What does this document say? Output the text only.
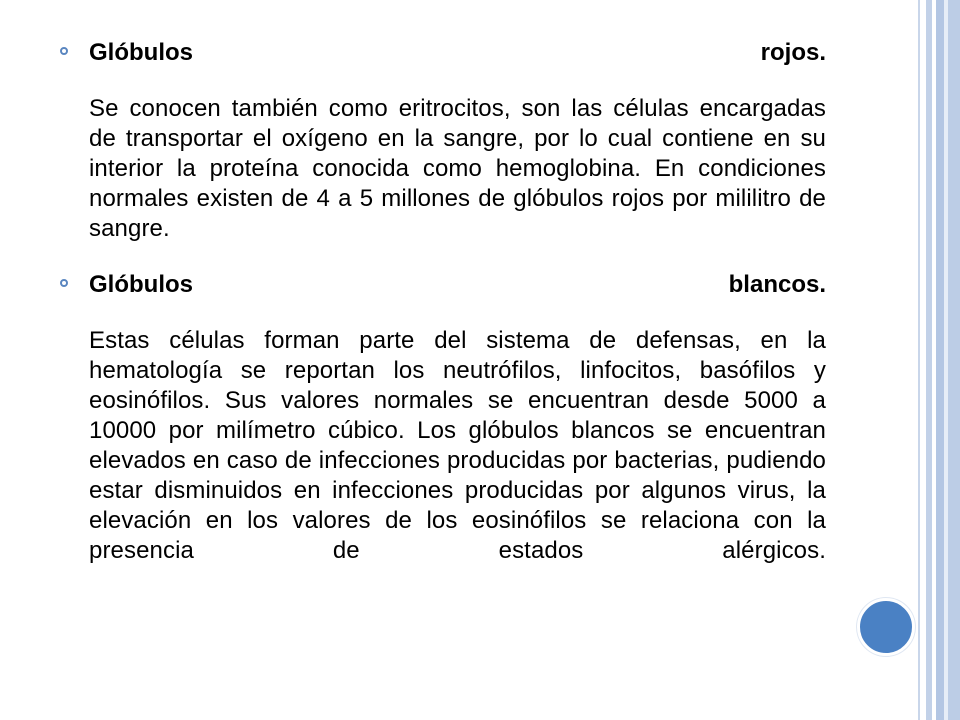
Glóbulos	rojos.

Se conocen también como eritrocitos, son las células encargadas de transportar el oxígeno en la sangre, por lo cual contiene en su interior la proteína conocida como hemoglobina. En condiciones normales existen de 4 a 5 millones de glóbulos rojos por mililitro de sangre.

Glóbulos	blancos.

Estas células forman parte del sistema de defensas, en la hematología se reportan los neutrófilos, linfocitos, basófilos y eosinófilos. Sus valores normales se encuentran desde 5000 a 10000 por milímetro cúbico. Los glóbulos blancos se encuentran elevados en caso de infecciones producidas por bacterias, pudiendo estar disminuidos en infecciones producidas por algunos virus, la elevación en los valores de los eosinófilos se relaciona con la presencia de estados alérgicos.
